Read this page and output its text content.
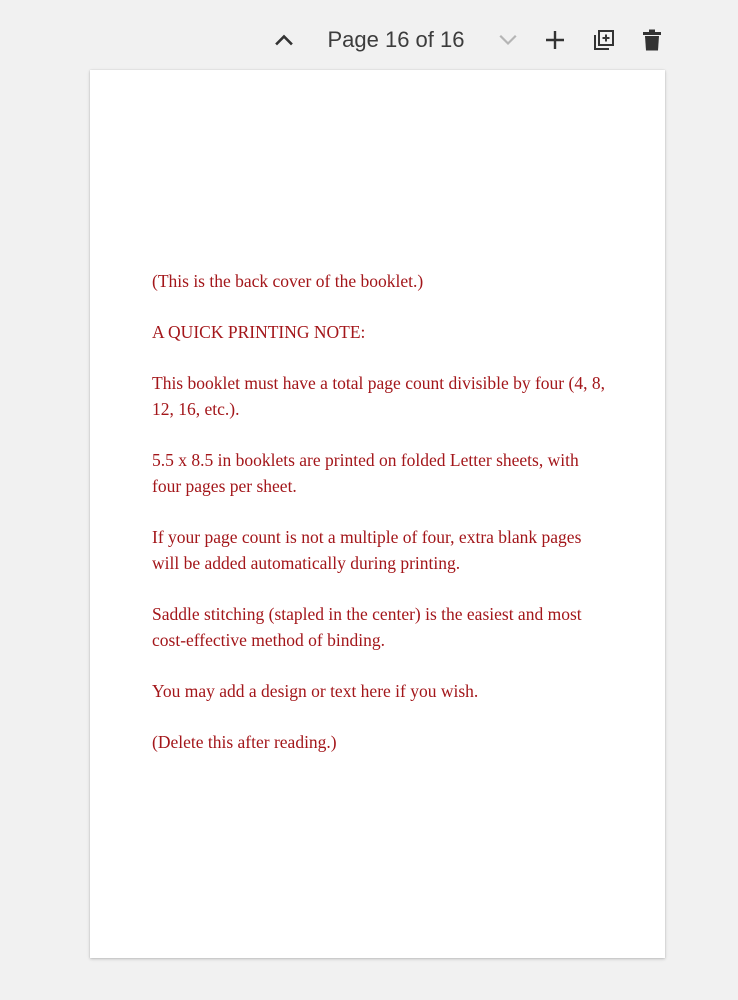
Page 16 of 16

(This is the back cover of the booklet.)

A QUICK PRINTING NOTE:

This booklet must have a total page count divisible by four (4, 8, 12, 16, etc.).

5.5 x 8.5 in booklets are printed on folded Letter sheets, with four pages per sheet.

If your page count is not a multiple of four, extra blank pages will be added automatically during printing.

Saddle stitching (stapled in the center) is the easiest and most cost-effective method of binding.

You may add a design or text here if you wish.

(Delete this after reading.)
